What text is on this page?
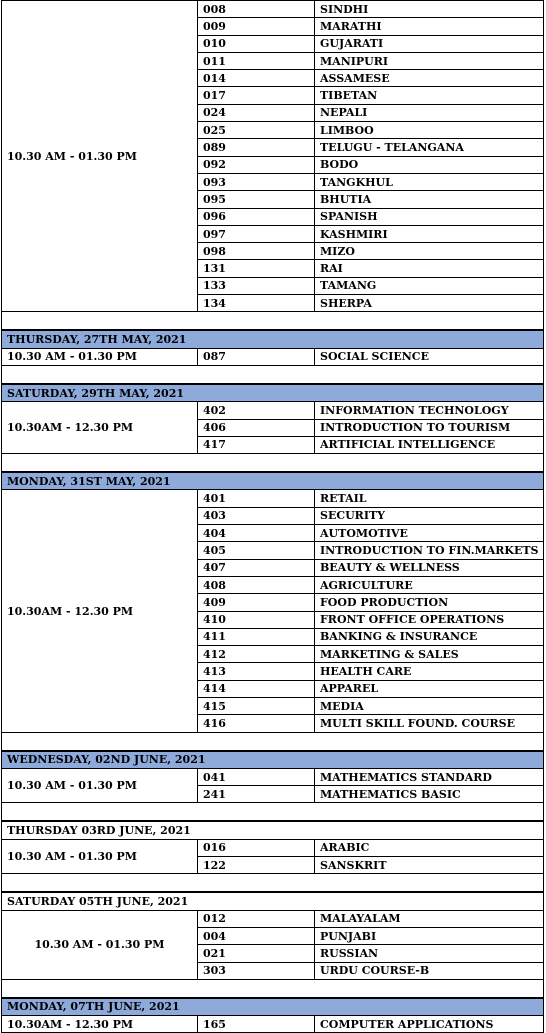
10.30 AM - 01.30 PM	008	SINDHI
	009	MARATHI
	010	GUJARATI
	011	MANIPURI
	014	ASSAMESE
	017	TIBETAN
	024	NEPALI
	025	LIMBOO
	089	TELUGU - TELANGANA
	092	BODO
	093	TANGKHUL
	095	BHUTIA
	096	SPANISH
	097	KASHMIRI
	098	MIZO
	131	RAI
	133	TAMANG
	134	SHERPA

THURSDAY, 27TH MAY, 2021		
10.30 AM - 01.30 PM	087	SOCIAL SCIENCE

SATURDAY, 29TH MAY, 2021		
10.30AM - 12.30 PM	402	INFORMATION TECHNOLOGY
	406	INTRODUCTION TO TOURISM
	417	ARTIFICIAL INTELLIGENCE

MONDAY, 31ST MAY, 2021		
10.30AM - 12.30 PM	401	RETAIL
	403	SECURITY
	404	AUTOMOTIVE
	405	INTRODUCTION TO FIN.MARKETS
	407	BEAUTY & WELLNESS
	408	AGRICULTURE
	409	FOOD PRODUCTION
	410	FRONT OFFICE OPERATIONS
	411	BANKING & INSURANCE
	412	MARKETING & SALES
	413	HEALTH CARE
	414	APPAREL
	415	MEDIA
	416	MULTI SKILL FOUND. COURSE

WEDNESDAY, 02ND JUNE, 2021		
10.30 AM - 01.30 PM	041	MATHEMATICS STANDARD
	241	MATHEMATICS BASIC

THURSDAY 03RD JUNE, 2021		
10.30 AM - 01.30 PM	016	ARABIC
	122	SANSKRIT

SATURDAY 05TH JUNE, 2021		
10.30 AM - 01.30 PM	012	MALAYALAM
	004	PUNJABI
	021	RUSSIAN
	303	URDU COURSE-B

MONDAY, 07TH JUNE, 2021		
10.30AM - 12.30 PM	165	COMPUTER APPLICATIONS
